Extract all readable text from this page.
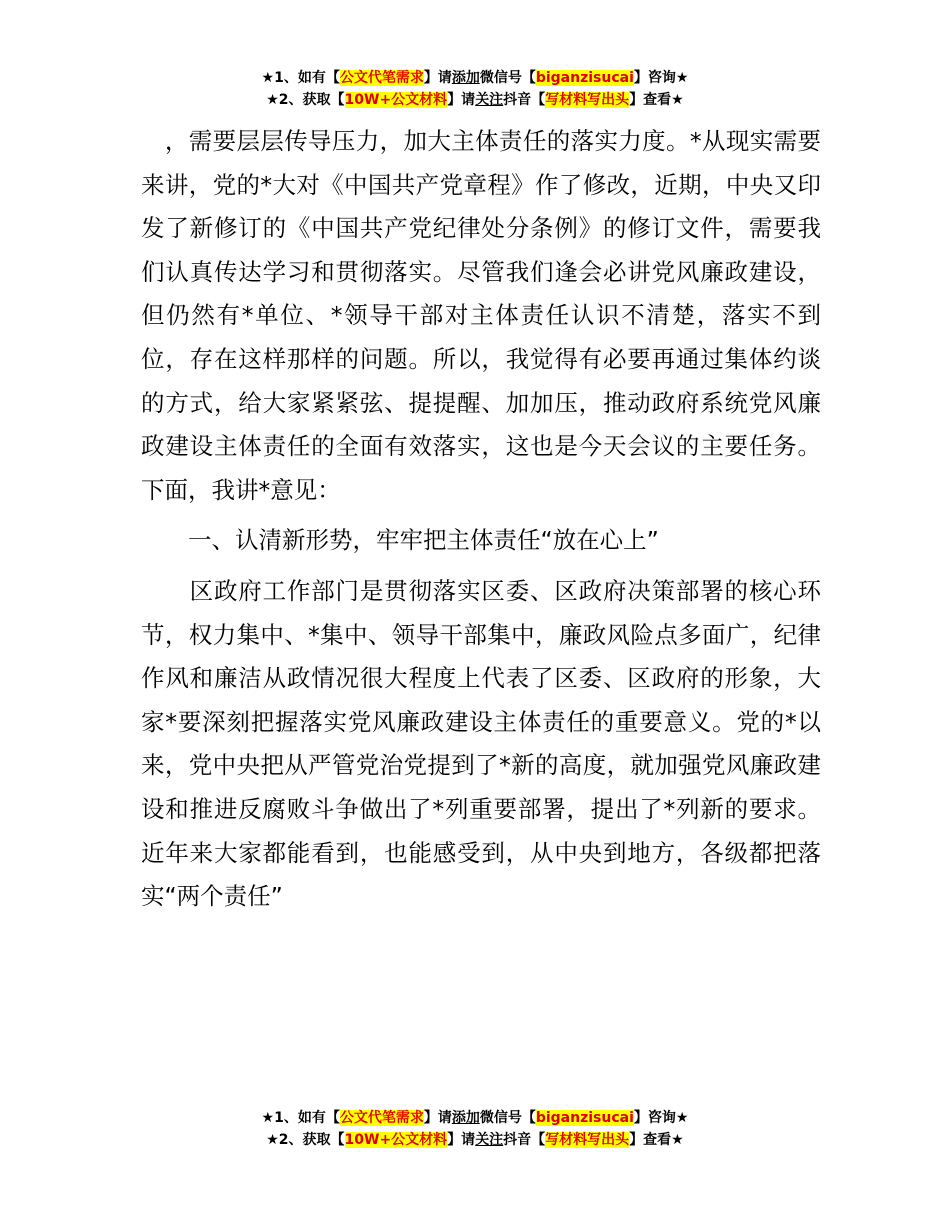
★1、如有【公文代笔需求】请添加微信号【biganzisucai】咨询★
★2、获取【10W+公文材料】请关注抖音【写材料写出头】查看★

　，需要层层传导压力，加大主体责任的落实力度。*从现实需要来讲，党的*大对《中国共产党章程》作了修改，近期，中央又印发了新修订的《中国共产党纪律处分条例》的修订文件，需要我们认真传达学习和贯彻落实。尽管我们逢会必讲党风廉政建设，但仍然有*单位、*领导干部对主体责任认识不清楚，落实不到位，存在这样那样的问题。所以，我觉得有必要再通过集体约谈的方式，给大家紧紧弦、提提醒、加加压，推动政府系统党风廉政建设主体责任的全面有效落实，这也是今天会议的主要任务。下面，我讲*意见：

　　一、认清新形势，牢牢把主体责任“放在心上”

　　区政府工作部门是贯彻落实区委、区政府决策部署的核心环节，权力集中、*集中、领导干部集中，廉政风险点多面广，纪律作风和廉洁从政情况很大程度上代表了区委、区政府的形象，大家*要深刻把握落实党风廉政建设主体责任的重要意义。党的*以来，党中央把从严管党治党提到了*新的高度，就加强党风廉政建设和推进反腐败斗争做出了*列重要部署，提出了*列新的要求。近年来大家都能看到，也能感受到，从中央到地方，各级都把落实“两个责任”

★1、如有【公文代笔需求】请添加微信号【biganzisucai】咨询★
★2、获取【10W+公文材料】请关注抖音【写材料写出头】查看★
